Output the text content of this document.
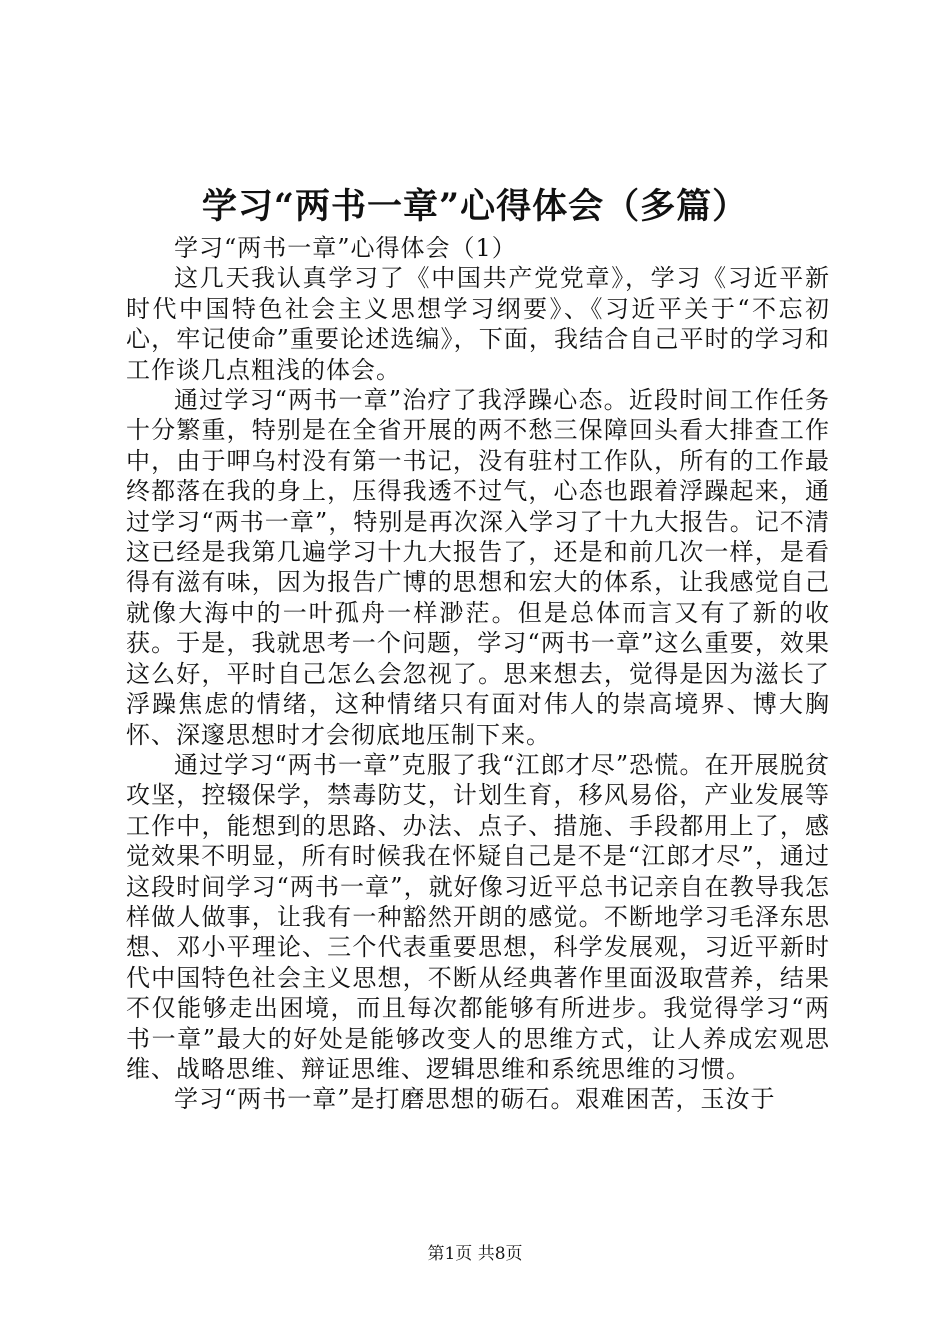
学习“两书一章”心得体会（多篇）

学习“两书一章”心得体会（1）

这几天我认真学习了《中国共产党党章》，学习《习近平新时代中国特色社会主义思想学习纲要》、《习近平关于“不忘初心，牢记使命”重要论述选编》，下面，我结合自己平时的学习和工作谈几点粗浅的体会。

通过学习“两书一章”治疗了我浮躁心态。近段时间工作任务十分繁重，特别是在全省开展的两不愁三保障回头看大排查工作中，由于呷乌村没有第一书记，没有驻村工作队，所有的工作最终都落在我的身上，压得我透不过气，心态也跟着浮躁起来，通过学习“两书一章”，特别是再次深入学习了十九大报告。记不清这已经是我第几遍学习十九大报告了，还是和前几次一样，是看得有滋有味，因为报告广博的思想和宏大的体系，让我感觉自己就像大海中的一叶孤舟一样渺茫。但是总体而言又有了新的收获。于是，我就思考一个问题，学习“两书一章”这么重要，效果这么好，平时自己怎么会忽视了。思来想去，觉得是因为滋长了浮躁焦虑的情绪，这种情绪只有面对伟人的崇高境界、博大胸怀、深邃思想时才会彻底地压制下来。

通过学习“两书一章”克服了我“江郎才尽”恐慌。在开展脱贫攻坚，控辍保学，禁毒防艾，计划生育，移风易俗，产业发展等工作中，能想到的思路、办法、点子、措施、手段都用上了，感觉效果不明显，所有时候我在怀疑自己是不是“江郎才尽”，通过这段时间学习“两书一章”，就好像习近平总书记亲自在教导我怎样做人做事，让我有一种豁然开朗的感觉。不断地学习毛泽东思想、邓小平理论、三个代表重要思想，科学发展观，习近平新时代中国特色社会主义思想，不断从经典著作里面汲取营养，结果不仅能够走出困境，而且每次都能够有所进步。我觉得学习“两书一章”最大的好处是能够改变人的思维方式，让人养成宏观思维、战略思维、辩证思维、逻辑思维和系统思维的习惯。

学习“两书一章”是打磨思想的砺石。艰难困苦，玉汝于

第1页 共8页
